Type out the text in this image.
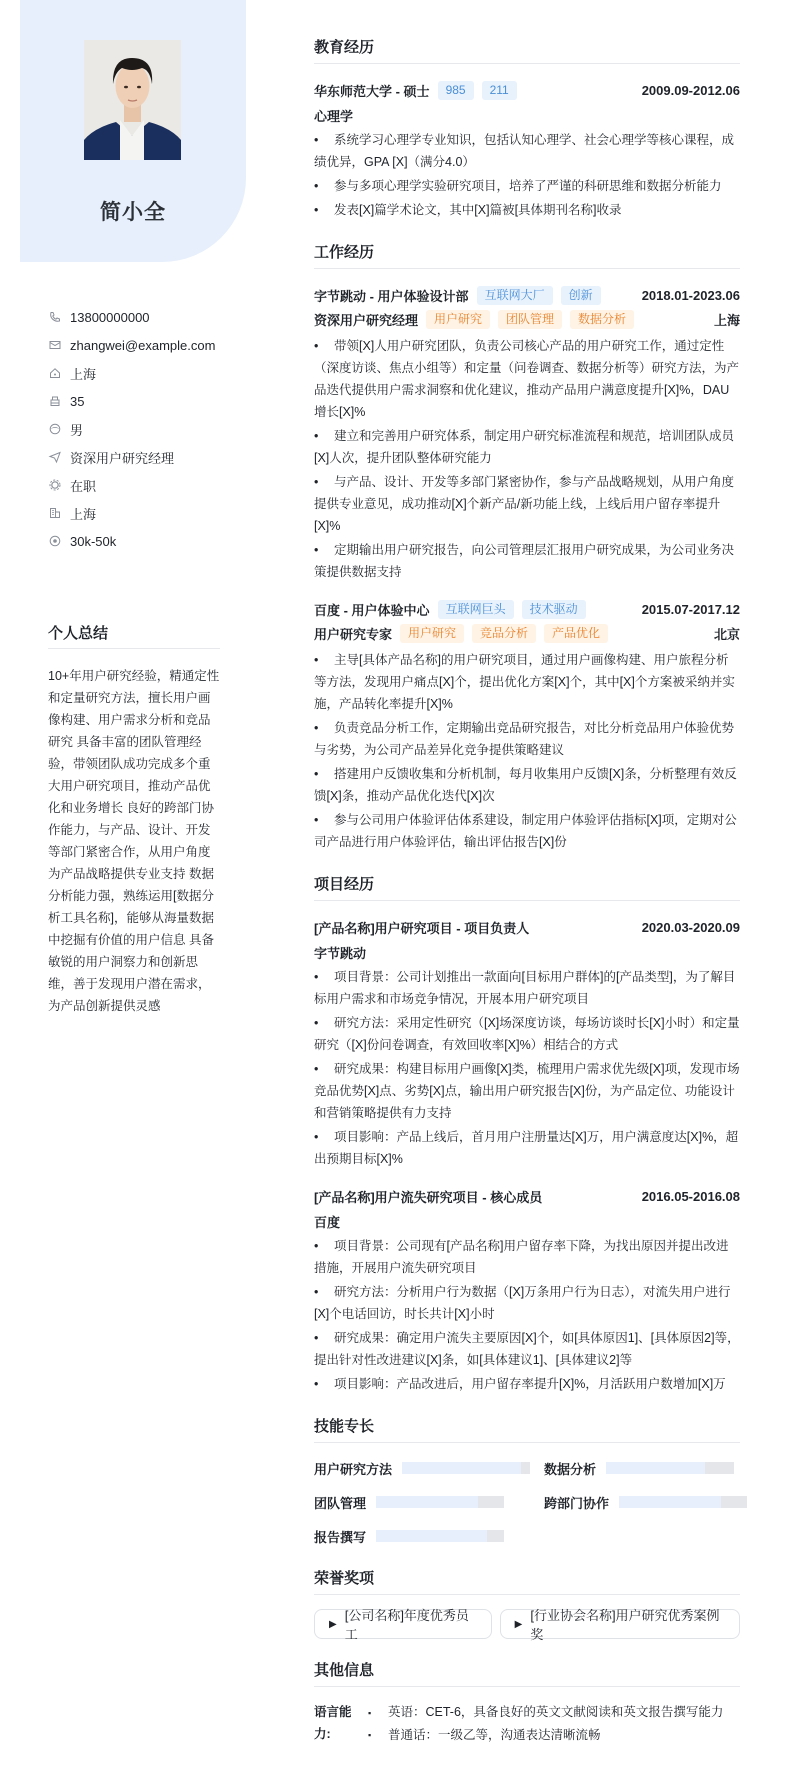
简小全
13800000000
zhangwei@example.com
上海
35
男
资深用户研究经理
在职
上海
30k-50k
个人总结
10+年用户研究经验，精通定性和定量研究方法，擅长用户画像构建、用户需求分析和竞品研究 具备丰富的团队管理经验，带领团队成功完成多个重大用户研究项目，推动产品优化和业务增长 良好的跨部门协作能力，与产品、设计、开发等部门紧密合作，从用户角度为产品战略提供专业支持 数据分析能力强，熟练运用[数据分析工具名称]，能够从海量数据中挖掘有价值的用户信息 具备敏锐的用户洞察力和创新思维，善于发现用户潜在需求，为产品创新提供灵感
教育经历
华东师范大学 - 硕士	985	211	2009.09-2012.06
心理学
• 系统学习心理学专业知识，包括认知心理学、社会心理学等核心课程，成绩优异，GPA [X]（满分4.0）
• 参与多项心理学实验研究项目，培养了严谨的科研思维和数据分析能力
• 发表[X]篇学术论文，其中[X]篇被[具体期刊名称]收录
工作经历
字节跳动 - 用户体验设计部	互联网大厂	创新	2018.01-2023.06
资深用户研究经理	用户研究	团队管理	数据分析	上海
• 带领[X]人用户研究团队，负责公司核心产品的用户研究工作，通过定性（深度访谈、焦点小组等）和定量（问卷调查、数据分析等）研究方法，为产品迭代提供用户需求洞察和优化建议，推动产品用户满意度提升[X]%，DAU增长[X]%
• 建立和完善用户研究体系，制定用户研究标准流程和规范，培训团队成员[X]人次，提升团队整体研究能力
• 与产品、设计、开发等多部门紧密协作，参与产品战略规划，从用户角度提供专业意见，成功推动[X]个新产品/新功能上线，上线后用户留存率提升[X]%
• 定期输出用户研究报告，向公司管理层汇报用户研究成果，为公司业务决策提供数据支持
百度 - 用户体验中心	互联网巨头	技术驱动	2015.07-2017.12
用户研究专家	用户研究	竞品分析	产品优化	北京
• 主导[具体产品名称]的用户研究项目，通过用户画像构建、用户旅程分析等方法，发现用户痛点[X]个，提出优化方案[X]个，其中[X]个方案被采纳并实施，产品转化率提升[X]%
• 负责竞品分析工作，定期输出竞品研究报告，对比分析竞品用户体验优势与劣势，为公司产品差异化竞争提供策略建议
• 搭建用户反馈收集和分析机制，每月收集用户反馈[X]条，分析整理有效反馈[X]条，推动产品优化迭代[X]次
• 参与公司用户体验评估体系建设，制定用户体验评估指标[X]项，定期对公司产品进行用户体验评估，输出评估报告[X]份
项目经历
[产品名称]用户研究项目 - 项目负责人	2020.03-2020.09
字节跳动
• 项目背景：公司计划推出一款面向[目标用户群体]的[产品类型]，为了解目标用户需求和市场竞争情况，开展本用户研究项目
• 研究方法：采用定性研究（[X]场深度访谈，每场访谈时长[X]小时）和定量研究（[X]份问卷调查，有效回收率[X]%）相结合的方式
• 研究成果：构建目标用户画像[X]类，梳理用户需求优先级[X]项，发现市场竞品优势[X]点、劣势[X]点，输出用户研究报告[X]份，为产品定位、功能设计和营销策略提供有力支持
• 项目影响：产品上线后，首月用户注册量达[X]万，用户满意度达[X]%，超出预期目标[X]%
[产品名称]用户流失研究项目 - 核心成员	2016.05-2016.08
百度
• 项目背景：公司现有[产品名称]用户留存率下降，为找出原因并提出改进措施，开展用户流失研究项目
• 研究方法：分析用户行为数据（[X]万条用户行为日志），对流失用户进行[X]个电话回访，时长共计[X]小时
• 研究成果：确定用户流失主要原因[X]个，如[具体原因1]、[具体原因2]等，提出针对性改进建议[X]条，如[具体建议1]、[具体建议2]等
• 项目影响：产品改进后，用户留存率提升[X]%，月活跃用户数增加[X]万
技能专长
用户研究方法	数据分析
团队管理	跨部门协作
报告撰写
荣誉奖项
▶
[公司名称]年度优秀员工
▶
[行业协会名称]用户研究优秀案例奖
其他信息
语言能力:
▪ 英语：CET-6，具备良好的英文文献阅读和英文报告撰写能力
▪ 普通话：一级乙等，沟通表达清晰流畅
